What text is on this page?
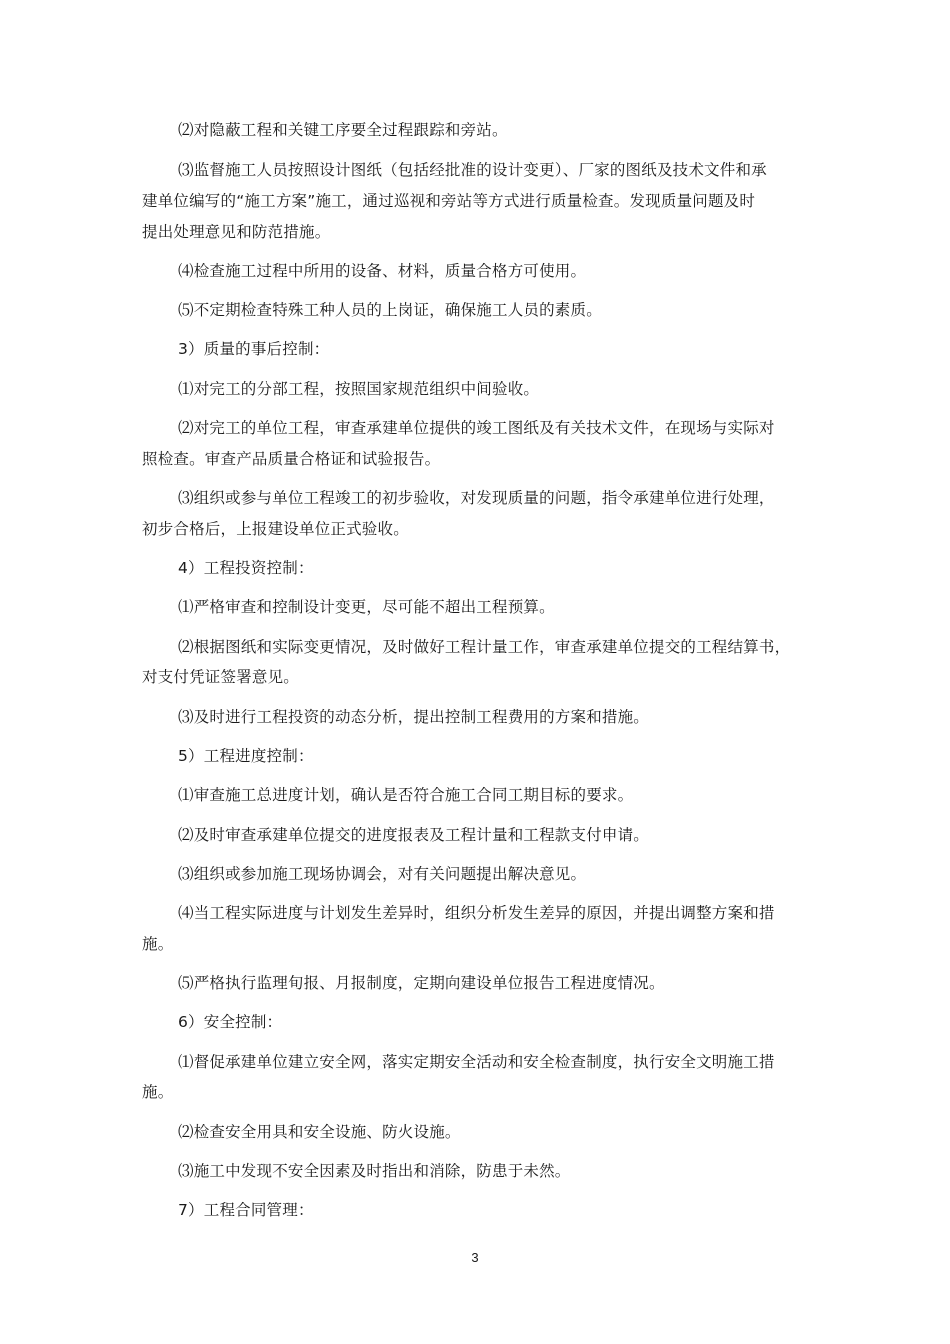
⑵对隐蔽工程和关键工序要全过程跟踪和旁站。
⑶监督施工人员按照设计图纸（包括经批准的设计变更）、厂家的图纸及技术文件和承
建单位编写的“施工方案”施工，通过巡视和旁站等方式进行质量检查。发现质量问题及时
提出处理意见和防范措施。
⑷检查施工过程中所用的设备、材料，质量合格方可使用。
⑸不定期检查特殊工种人员的上岗证，确保施工人员的素质。
3）质量的事后控制：
⑴对完工的分部工程，按照国家规范组织中间验收。
⑵对完工的单位工程，审查承建单位提供的竣工图纸及有关技术文件，在现场与实际对
照检查。审查产品质量合格证和试验报告。
⑶组织或参与单位工程竣工的初步验收，对发现质量的问题，指令承建单位进行处理，
初步合格后，上报建设单位正式验收。
4）工程投资控制：
⑴严格审查和控制设计变更，尽可能不超出工程预算。
⑵根据图纸和实际变更情况，及时做好工程计量工作，审查承建单位提交的工程结算书，
对支付凭证签署意见。
⑶及时进行工程投资的动态分析，提出控制工程费用的方案和措施。
5）工程进度控制：
⑴审查施工总进度计划，确认是否符合施工合同工期目标的要求。
⑵及时审查承建单位提交的进度报表及工程计量和工程款支付申请。
⑶组织或参加施工现场协调会，对有关问题提出解决意见。
⑷当工程实际进度与计划发生差异时，组织分析发生差异的原因，并提出调整方案和措
施。
⑸严格执行监理旬报、月报制度，定期向建设单位报告工程进度情况。
6）安全控制：
⑴督促承建单位建立安全网，落实定期安全活动和安全检查制度，执行安全文明施工措
施。
⑵检查安全用具和安全设施、防火设施。
⑶施工中发现不安全因素及时指出和消除，防患于未然。
7）工程合同管理：
3
